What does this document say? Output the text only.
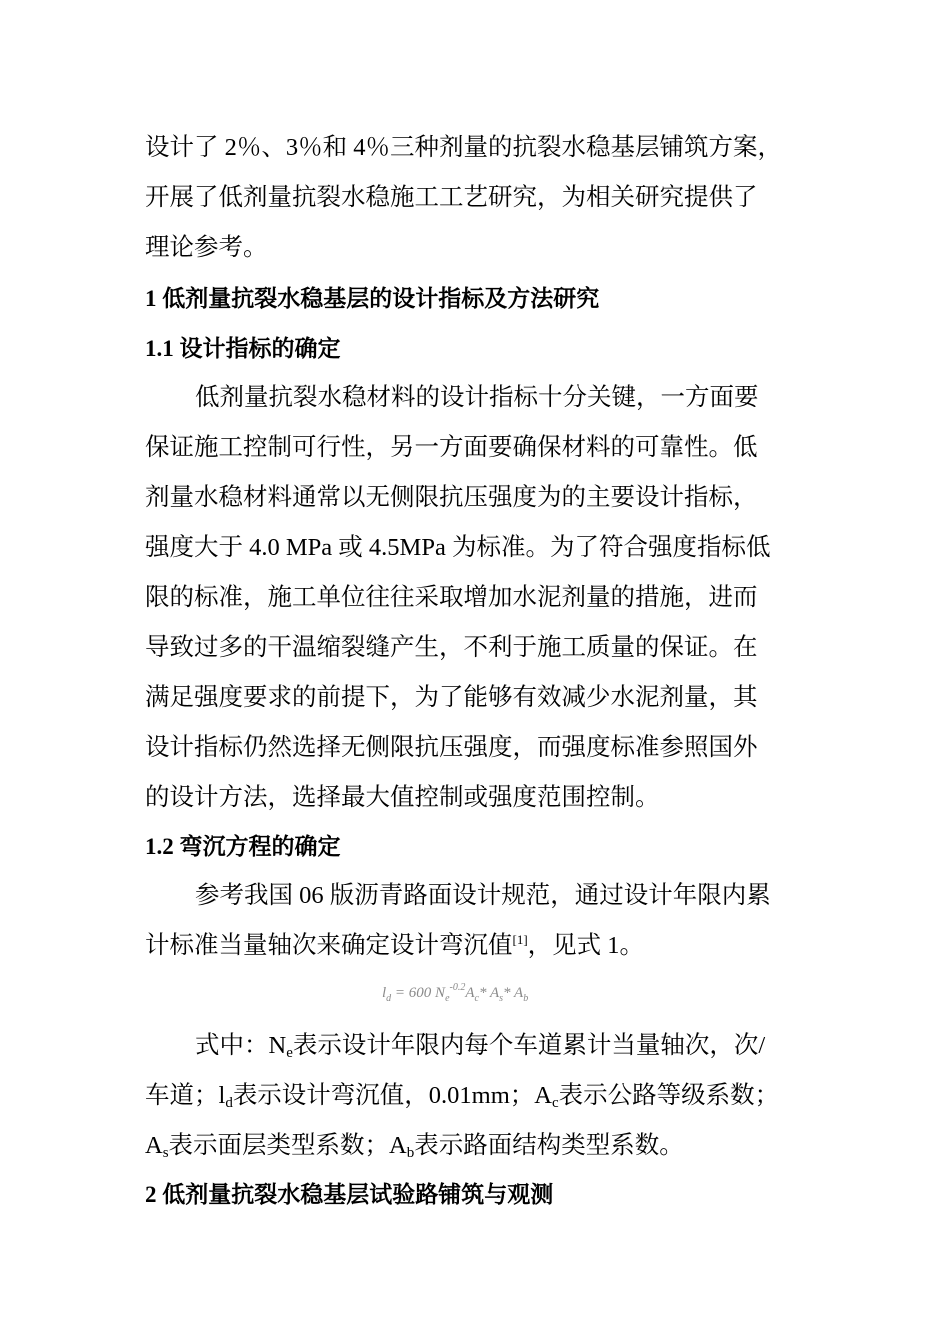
设计了 2％、3％和 4％三种剂量的抗裂水稳基层铺筑方案，
开展了低剂量抗裂水稳施工工艺研究，为相关研究提供了
理论参考。
1 低剂量抗裂水稳基层的设计指标及方法研究
1.1 设计指标的确定
低剂量抗裂水稳材料的设计指标十分关键，一方面要
保证施工控制可行性，另一方面要确保材料的可靠性。低
剂量水稳材料通常以无侧限抗压强度为的主要设计指标，
强度大于 4.0 MPa 或 4.5MPa 为标准。为了符合强度指标低
限的标准，施工单位往往采取增加水泥剂量的措施，进而
导致过多的干温缩裂缝产生，不利于施工质量的保证。在
满足强度要求的前提下，为了能够有效减少水泥剂量，其
设计指标仍然选择无侧限抗压强度，而强度标准参照国外
的设计方法，选择最大值控制或强度范围控制。
1.2 弯沉方程的确定
参考我国 06 版沥青路面设计规范，通过设计年限内累
计标准当量轴次来确定设计弯沉值[1]，见式 1。
$l_d = 600$ $N_e^{-0.2}A_c*$ $A_s*$ $A_b$
式中：$N_e$表示设计年限内每个车道累计当量轴次，次/
车道；$l_d$表示设计弯沉值，0.01mm；$A_c$表示公路等级系数；
$A_s$表示面层类型系数；$A_b$表示路面结构类型系数。
2 低剂量抗裂水稳基层试验路铺筑与观测
